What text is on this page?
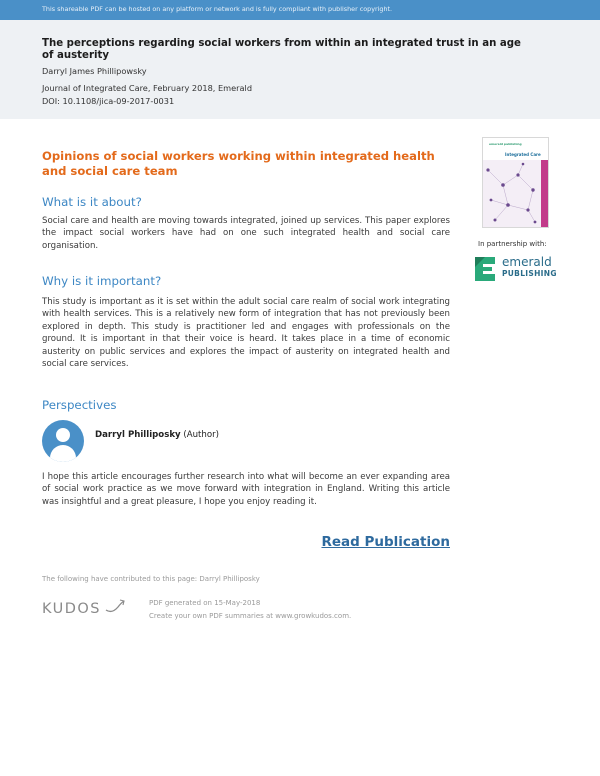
This shareable PDF can be hosted on any platform or network and is fully compliant with publisher copyright.
The perceptions regarding social workers from within an integrated trust in an age of austerity
Darryl James Phillipowsky
Journal of Integrated Care, February 2018, Emerald
DOI: 10.1108/jica-09-2017-0031
Opinions of social workers working within integrated health and social care team
What is it about?
Social care and health are moving towards integrated, joined up services. This paper explores the impact social workers have had on one such integrated health and social care organisation.
Why is it important?
This study is important as it is set within the adult social care realm of social work integrating with health services. This is a relatively new form of integration that has not previously been explored in depth. This study is practitioner led and engages with professionals on the ground. It is important in that their voice is heard. It takes place in a time of economic austerity on public services and explores the impact of austerity on integrated health and social care services.
Perspectives
Darryl Philliposky (Author)
I hope this article encourages further research into what will become an ever expanding area of social work practice as we move forward with integration in England. Writing this article was insightful and a great pleasure, I hope you enjoy reading it.
Read Publication
The following have contributed to this page: Darryl Philliposky
KUDOS	PDF generated on 15-May-2018
Create your own PDF summaries at www.growkudos.com.
emerald publishing
Integrated Care
In partnership with:
emerald
PUBLISHING
